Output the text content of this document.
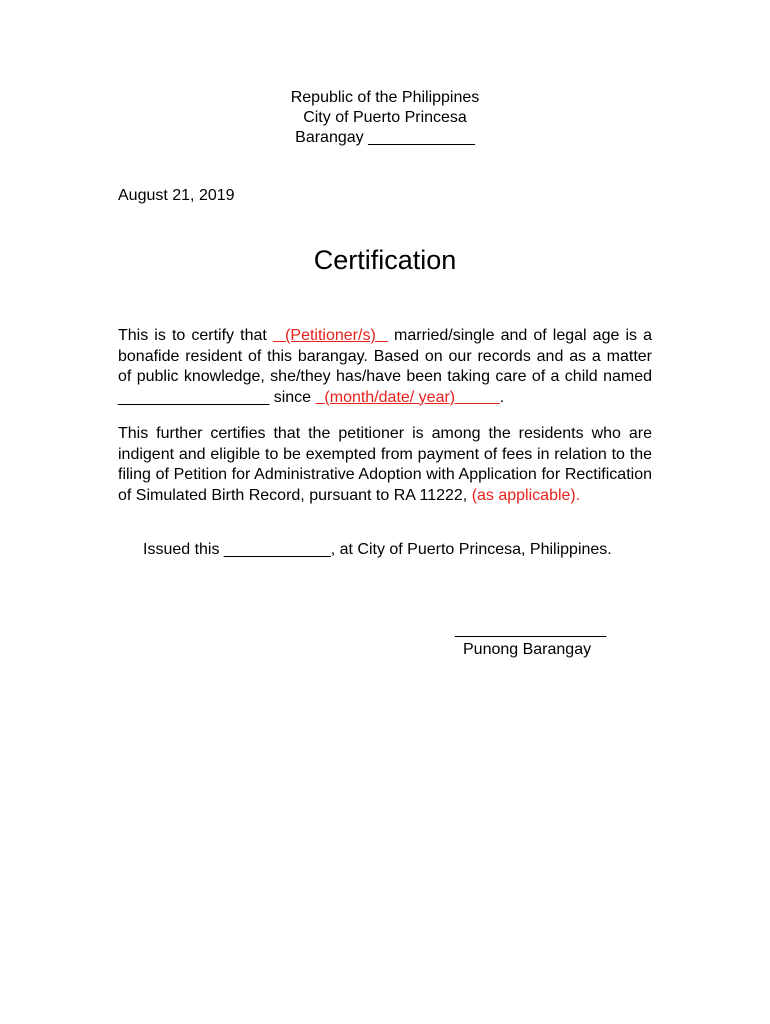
Republic of the Philippines
City of Puerto Princesa
Barangay ____________
August 21, 2019
Certification
This is to certify that   (Petitioner/s)   married/single and of legal age is a bonafide resident of this barangay. Based on our records and as a matter of public knowledge, she/they has/have been taking care of a child named _________________ since   (month/date/ year)          .
This further certifies that the petitioner is among the residents who are indigent and eligible to be exempted from payment of fees in relation to the filing of Petition for Administrative Adoption with Application for Rectification of Simulated Birth Record, pursuant to RA 11222, (as applicable).
Issued this ____________, at City of Puerto Princesa, Philippines.
_________________
Punong Barangay
